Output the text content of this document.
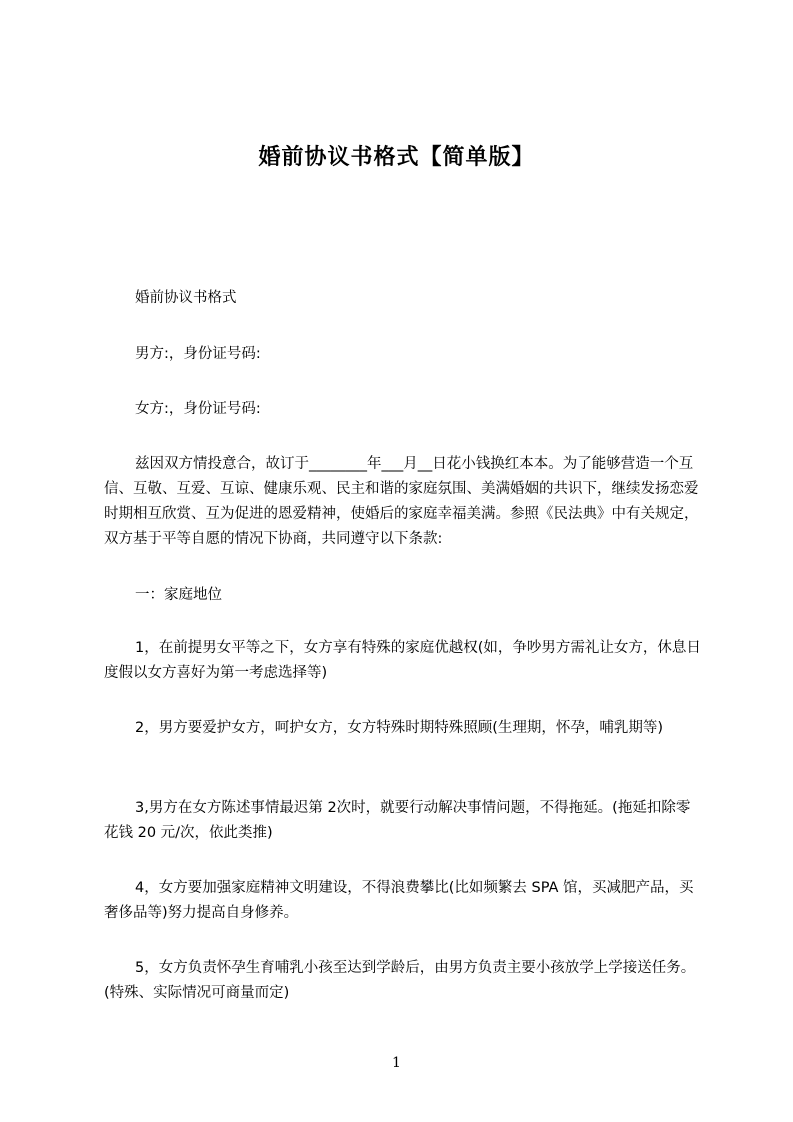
婚前协议书格式【简单版】

婚前协议书格式

男方:，身份证号码:

女方:，身份证号码:

兹因双方情投意合，故订于________年___月__日花小钱换红本本。为了能够营造一个互信、互敬、互爱、互谅、健康乐观、民主和谐的家庭氛围、美满婚姻的共识下，继续发扬恋爱时期相互欣赏、互为促进的恩爱精神，使婚后的家庭幸福美满。参照《民法典》中有关规定，双方基于平等自愿的情况下协商，共同遵守以下条款:

一：家庭地位

1，在前提男女平等之下，女方享有特殊的家庭优越权(如，争吵男方需礼让女方，休息日度假以女方喜好为第一考虑选择等)

2，男方要爱护女方，呵护女方，女方特殊时期特殊照顾(生理期，怀孕，哺乳期等)

3,男方在女方陈述事情最迟第 2次时，就要行动解决事情问题，不得拖延。(拖延扣除零花钱 20 元/次，依此类推)

4，女方要加强家庭精神文明建设，不得浪费攀比(比如频繁去 SPA 馆，买减肥产品，买奢侈品等)努力提高自身修养。

5，女方负责怀孕生育哺乳小孩至达到学龄后，由男方负责主要小孩放学上学接送任务。(特殊、实际情况可商量而定)

1
